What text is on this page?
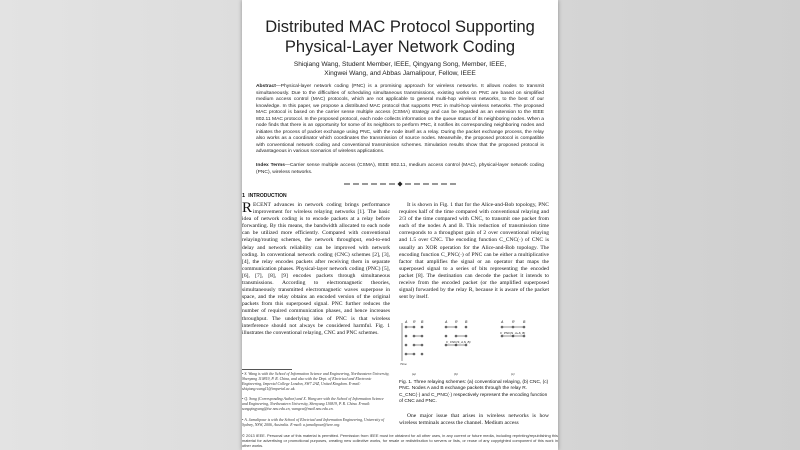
Distributed MAC Protocol Supporting
Physical-Layer Network Coding
Shiqiang Wang, Student Member, IEEE, Qingyang Song, Member, IEEE,
Xingwei Wang, and Abbas Jamalipour, Fellow, IEEE
Abstract—Physical-layer network coding (PNC) is a promising approach for wireless networks. It allows nodes to transmit simultaneously. Due to the difficulties of scheduling simultaneous transmissions, existing works on PNC are based on simplified medium access control (MAC) protocols, which are not applicable to general multi-hop wireless networks, to the best of our knowledge. In this paper, we propose a distributed MAC protocol that supports PNC in multi-hop wireless networks. The proposed MAC protocol is based on the carrier sense multiple access (CSMA) strategy and can be regarded as an extension to the IEEE 802.11 MAC protocol. In the proposed protocol, each node collects information on the queue status of its neighboring nodes. When a node finds that there is an opportunity for some of its neighbors to perform PNC, it notifies its corresponding neighboring nodes and initiates the process of packet exchange using PNC, with the node itself as a relay. During the packet exchange process, the relay also works as a coordinator which coordinates the transmission of source nodes. Meanwhile, the proposed protocol is compatible with conventional network coding and conventional transmission schemes. Simulation results show that the proposed protocol is advantageous in various scenarios of wireless applications.
Index Terms—Carrier sense multiple access (CSMA), IEEE 802.11, medium access control (MAC), physical-layer network coding (PNC), wireless networks.
1 INTRODUCTION
RECENT advances in network coding brings performance improvement for wireless relaying networks [1]. The basic idea of network coding is to encode packets at a relay before forwarding. By this means, the bandwidth allocated to each node can be utilized more efficiently. Compared with conventional relaying/routing schemes, the network throughput, end-to-end delay and network reliability can be improved with network coding. In conventional network coding (CNC) schemes [2], [3], [4], the relay encodes packets after receiving them in separate communication phases. Physical-layer network coding (PNC) [5], [6], [7], [8], [9] encodes packets through simultaneous transmissions. According to electromagnetic theories, simultaneously transmitted electromagnetic waves superpose in space, and the relay obtains an encoded version of the original packets from this superposed signal. PNC further reduces the number of required communication phases, and hence increases throughput. The underlying idea of PNC is that wireless interference should not always be considered harmful. Fig. 1 illustrates the conventional relaying, CNC and PNC schemes.
• S. Wang is with the School of Information Science and Engineering, Northeastern University, Shenyang 110819, P. R. China, and also with the Dept. of Electrical and Electronic Engineering, Imperial College London, SW7 2AZ, United Kingdom. E-mail: shiqiang.wang11@imperial.ac.uk.
• Q. Song (Corresponding Author) and X. Wang are with the School of Information Science and Engineering, Northeastern University, Shenyang 110819, P. R. China. E-mail: songqingyang@ise.neu.edu.cn, wangxw@mail.neu.edu.cn.
• A. Jamalipour is with the School of Electrical and Information Engineering, University of Sydney, NSW, 2006, Australia. E-mail: a.jamalipour@ieee.org.
It is shown in Fig. 1 that for the Alice-and-Bob topology, PNC requires half of the time compared with conventional relaying and 2/3 of the time compared with CNC, to transmit one packet from each of the nodes A and B. This reduction of transmission time corresponds to a throughput gain of 2 over conventional relaying and 1.5 over CNC. The encoding function C_CNC(·) of CNC is usually an XOR operation for the Alice-and-Bob topology. The encoding function C_PNC(·) of PNC can be either a multiplicative factor that amplifies the signal or an operator that maps the superposed signal to a series of bits representing the encoded packet [8]. The destination can decode the packet it intends to receive from the encoded packet (or the amplified superposed signal) forwarded by the relay R, because it is aware of the packet sent by itself.
A R B	A R B	A R B
C_CNC(S_A,S_B)
C_PNC(S_A+S_B)
Time
(a)	(b)	(c)
Fig. 1. Three relaying schemes: (a) conventional relaying, (b) CNC, (c) PNC. Nodes A and B exchange packets through the relay R. C_CNC(·) and C_PNC(·) respectively represent the encoding function of CNC and PNC.
One major issue that arises in wireless networks is how wireless terminals access the channel. Medium access
© 2013 IEEE. Personal use of this material is permitted. Permission from IEEE must be obtained for all other uses, in any current or future media, including reprinting/republishing this material for advertising or promotional purposes, creating new collective works, for resale or redistribution to servers or lists, or reuse of any copyrighted component of this work in other works.
